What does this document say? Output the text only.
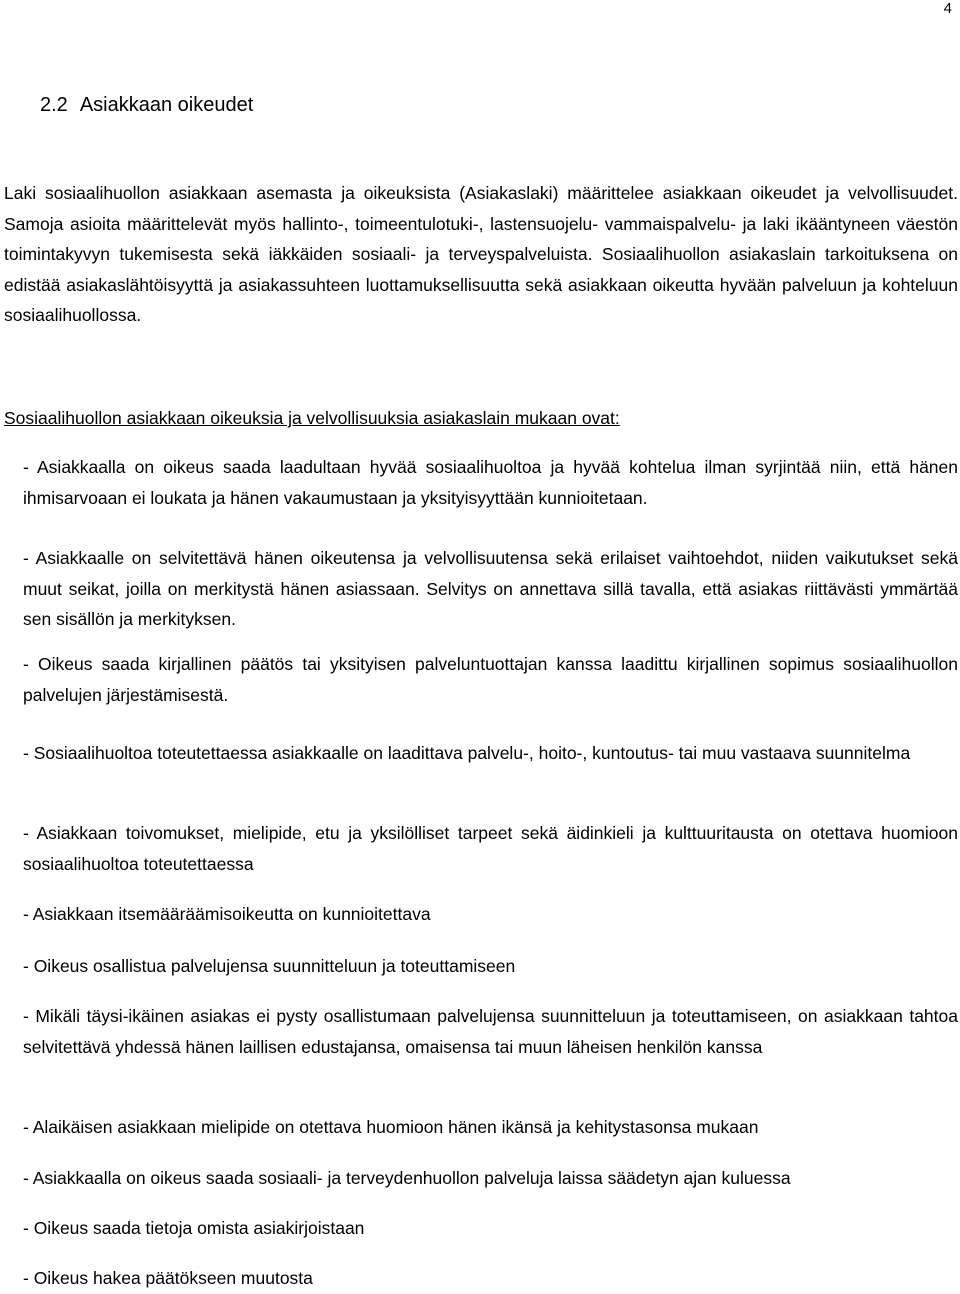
4
2.2 Asiakkaan oikeudet

Laki sosiaalihuollon asiakkaan asemasta ja oikeuksista (Asiakaslaki) määrittelee asiakkaan oikeudet ja velvollisuudet. Samoja asioita määrittelevät myös hallinto-, toimeentulotuki-, lastensuojelu- vammaispalvelu- ja laki ikääntyneen väestön toimintakyvyn tukemisesta sekä iäkkäiden sosiaali- ja terveyspalveluista. Sosiaalihuollon asiakaslain tarkoituksena on edistää asiakaslähtöisyyttä ja asiakassuhteen luottamuksellisuutta sekä asiakkaan oikeutta hyvään palveluun ja kohteluun sosiaalihuollossa.

Sosiaalihuollon asiakkaan oikeuksia ja velvollisuuksia asiakaslain mukaan ovat:

- Asiakkaalla on oikeus saada laadultaan hyvää sosiaalihuoltoa ja hyvää kohtelua ilman syrjintää niin, että hänen ihmisarvoaan ei loukata ja hänen vakaumustaan ja yksityisyyttään kunnioitetaan.
- Asiakkaalle on selvitettävä hänen oikeutensa ja velvollisuutensa sekä erilaiset vaihtoehdot, niiden vaikutukset sekä muut seikat, joilla on merkitystä hänen asiassaan. Selvitys on annettava sillä tavalla, että asiakas riittävästi ymmärtää sen sisällön ja merkityksen.
- Oikeus saada kirjallinen päätös tai yksityisen palveluntuottajan kanssa laadittu kirjallinen sopimus sosiaalihuollon palvelujen järjestämisestä.
- Sosiaalihuoltoa toteutettaessa asiakkaalle on laadittava palvelu-, hoito-, kuntoutus- tai muu vastaava suunnitelma
- Asiakkaan toivomukset, mielipide, etu ja yksilölliset tarpeet sekä äidinkieli ja kulttuuritausta on otettava huomioon sosiaalihuoltoa toteutettaessa
- Asiakkaan itsemääräämisoikeutta on kunnioitettava
- Oikeus osallistua palvelujensa suunnitteluun ja toteuttamiseen
- Mikäli täysi-ikäinen asiakas ei pysty osallistumaan palvelujensa suunnitteluun ja toteuttamiseen, on asiakkaan tahtoa selvitettävä yhdessä hänen laillisen edustajansa, omaisensa tai muun läheisen henkilön kanssa
- Alaikäisen asiakkaan mielipide on otettava huomioon hänen ikänsä ja kehitystasonsa mukaan
- Asiakkaalla on oikeus saada sosiaali- ja terveydenhuollon palveluja laissa säädetyn ajan kuluessa
- Oikeus saada tietoja omista asiakirjoistaan
- Oikeus hakea päätökseen muutosta
